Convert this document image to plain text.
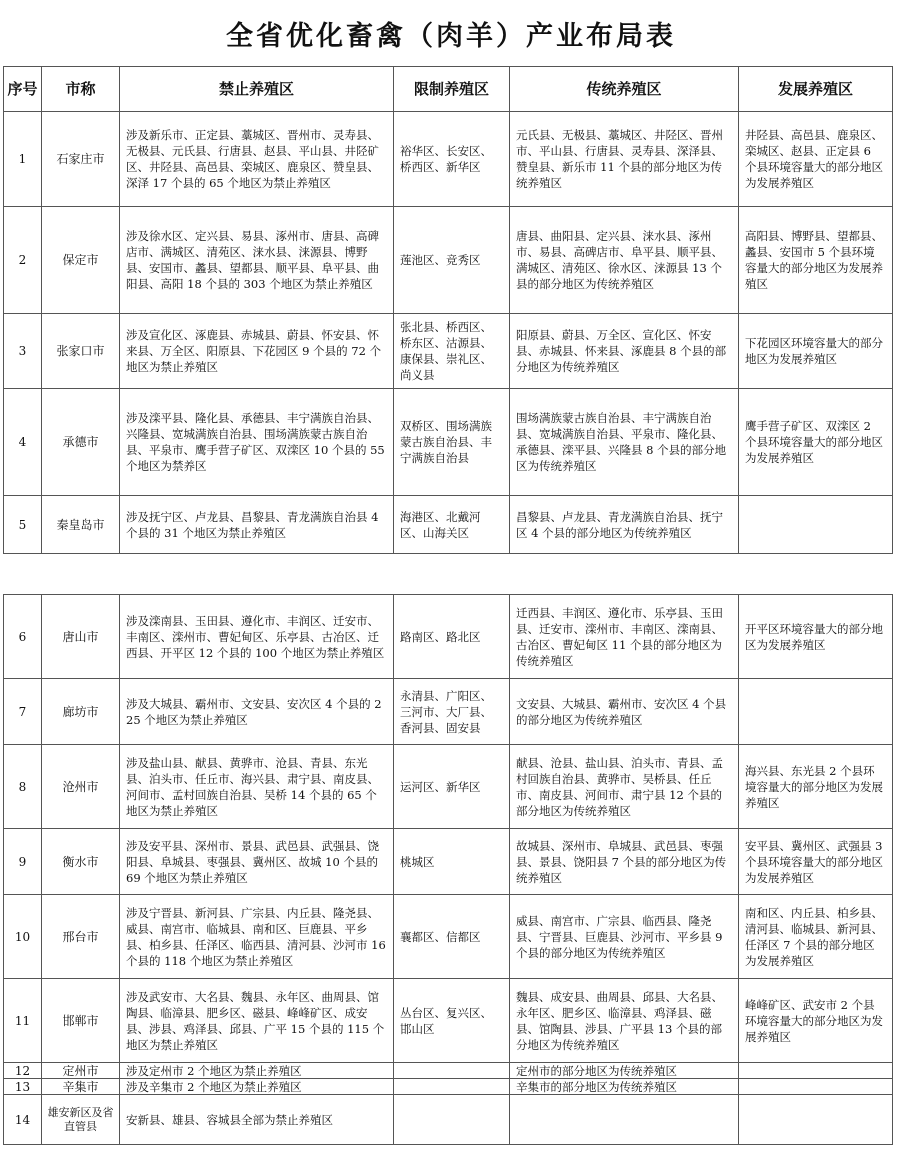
全省优化畜禽（肉羊）产业布局表
序号	市称	禁止养殖区	限制养殖区	传统养殖区	发展养殖区
1	石家庄市	涉及新乐市、正定县、藁城区、晋州市、灵寿县、无极县、元氏县、行唐县、赵县、平山县、井陉矿区、井陉县、高邑县、栾城区、鹿泉区、赞皇县、深泽 17 个县的 65 个地区为禁止养殖区	裕华区、长安区、桥西区、新华区	元氏县、无极县、藁城区、井陉区、晋州市、平山县、行唐县、灵寿县、深泽县、赞皇县、新乐市 11 个县的部分地区为传统养殖区	井陉县、高邑县、鹿泉区、栾城区、赵县、正定县 6 个县环境容量大的部分地区为发展养殖区
2	保定市	涉及徐水区、定兴县、易县、涿州市、唐县、高碑店市、满城区、清苑区、涞水县、涞源县、博野县、安国市、蠡县、望都县、顺平县、阜平县、曲阳县、高阳 18 个县的 303 个地区为禁止养殖区	莲池区、竞秀区	唐县、曲阳县、定兴县、涞水县、涿州市、易县、高碑店市、阜平县、顺平县、满城区、清苑区、徐水区、涞源县 13 个县的部分地区为传统养殖区	高阳县、博野县、望都县、蠡县、安国市 5 个县环境容量大的部分地区为发展养殖区
3	张家口市	涉及宣化区、涿鹿县、赤城县、蔚县、怀安县、怀来县、万全区、阳原县、下花园区 9 个县的 72 个地区为禁止养殖区	张北县、桥西区、桥东区、沽源县、康保县、崇礼区、尚义县	阳原县、蔚县、万全区、宣化区、怀安县、赤城县、怀来县、涿鹿县 8 个县的部分地区为传统养殖区	下花园区环境容量大的部分地区为发展养殖区
4	承德市	涉及滦平县、隆化县、承德县、丰宁满族自治县、兴隆县、宽城满族自治县、围场满族蒙古族自治县、平泉市、鹰手营子矿区、双滦区 10 个县的 55 个地区为禁养区	双桥区、围场满族蒙古族自治县、丰宁满族自治县	围场满族蒙古族自治县、丰宁满族自治县、宽城满族自治县、平泉市、隆化县、承德县、滦平县、兴隆县 8 个县的部分地区为传统养殖区	鹰手营子矿区、双滦区 2 个县环境容量大的部分地区为发展养殖区
5	秦皇岛市	涉及抚宁区、卢龙县、昌黎县、青龙满族自治县 4 个县的 31 个地区为禁止养殖区	海港区、北戴河区、山海关区	昌黎县、卢龙县、青龙满族自治县、抚宁区 4 个县的部分地区为传统养殖区	
6	唐山市	涉及滦南县、玉田县、遵化市、丰润区、迁安市、丰南区、滦州市、曹妃甸区、乐亭县、古冶区、迁西县、开平区 12 个县的 100 个地区为禁止养殖区	路南区、路北区	迁西县、丰润区、遵化市、乐亭县、玉田县、迁安市、滦州市、丰南区、滦南县、古冶区、曹妃甸区 11 个县的部分地区为传统养殖区	开平区环境容量大的部分地区为发展养殖区
7	廊坊市	涉及大城县、霸州市、文安县、安次区 4 个县的 225 个地区为禁止养殖区	永清县、广阳区、三河市、大厂县、香河县、固安县	文安县、大城县、霸州市、安次区 4 个县的部分地区为传统养殖区	
8	沧州市	涉及盐山县、献县、黄骅市、沧县、青县、东光县、泊头市、任丘市、海兴县、肃宁县、南皮县、河间市、孟村回族自治县、吴桥 14 个县的 65 个地区为禁止养殖区	运河区、新华区	献县、沧县、盐山县、泊头市、青县、孟村回族自治县、黄骅市、吴桥县、任丘市、南皮县、河间市、肃宁县 12 个县的部分地区为传统养殖区	海兴县、东光县 2 个县环境容量大的部分地区为发展养殖区
9	衡水市	涉及安平县、深州市、景县、武邑县、武强县、饶阳县、阜城县、枣强县、冀州区、故城 10 个县的 69 个地区为禁止养殖区	桃城区	故城县、深州市、阜城县、武邑县、枣强县、景县、饶阳县 7 个县的部分地区为传统养殖区	安平县、冀州区、武强县 3 个县环境容量大的部分地区为发展养殖区
10	邢台市	涉及宁晋县、新河县、广宗县、内丘县、隆尧县、威县、南宫市、临城县、南和区、巨鹿县、平乡县、柏乡县、任泽区、临西县、清河县、沙河市 16 个县的 118 个地区为禁止养殖区	襄都区、信都区	威县、南宫市、广宗县、临西县、隆尧县、宁晋县、巨鹿县、沙河市、平乡县 9 个县的部分地区为传统养殖区	南和区、内丘县、柏乡县、清河县、临城县、新河县、任泽区 7 个县的部分地区为发展养殖区
11	邯郸市	涉及武安市、大名县、魏县、永年区、曲周县、馆陶县、临漳县、肥乡区、磁县、峰峰矿区、成安县、涉县、鸡泽县、邱县、广平 15 个县的 115 个地区为禁止养殖区	丛台区、复兴区、邯山区	魏县、成安县、曲周县、邱县、大名县、永年区、肥乡区、临漳县、鸡泽县、磁县、馆陶县、涉县、广平县 13 个县的部分地区为传统养殖区	峰峰矿区、武安市 2 个县环境容量大的部分地区为发展养殖区
12	定州市	涉及定州市 2 个地区为禁止养殖区		定州市的部分地区为传统养殖区	
13	辛集市	涉及辛集市 2 个地区为禁止养殖区		辛集市的部分地区为传统养殖区	
14	雄安新区及省直管县	安新县、雄县、容城县全部为禁止养殖区			
